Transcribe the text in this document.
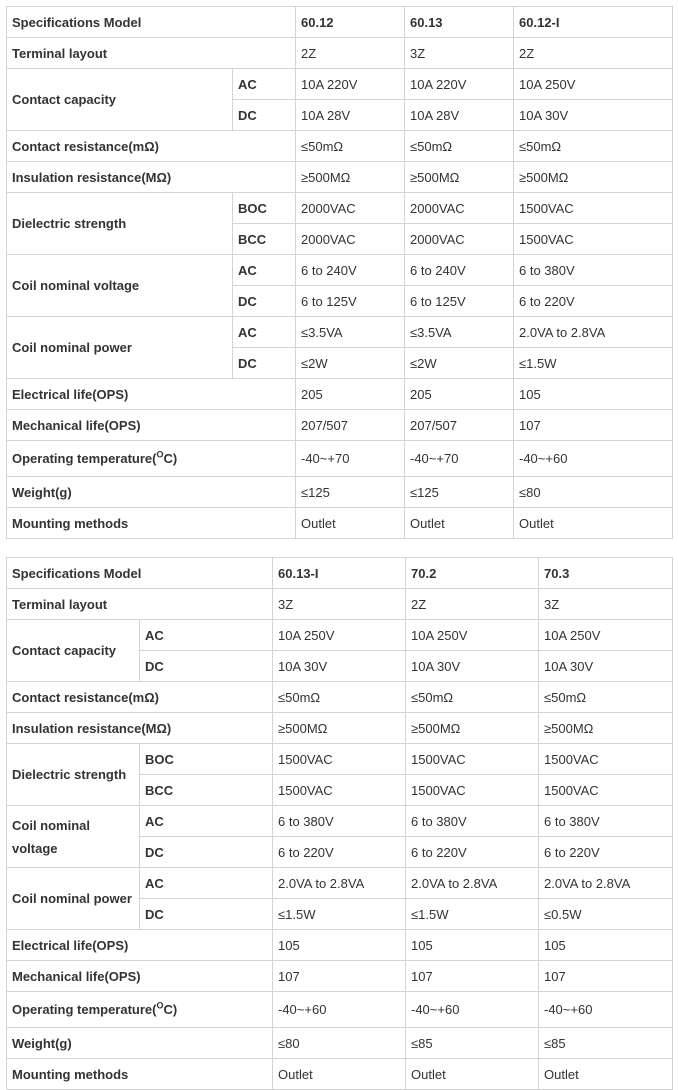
Specifications Model		60.12	60.13	60.12-I
Terminal layout		2Z	3Z	2Z
Contact capacity	AC	10A 220V	10A 220V	10A 250V
	DC	10A 28V	10A 28V	10A 30V
Contact resistance(mΩ)		≤50mΩ	≤50mΩ	≤50mΩ
Insulation resistance(MΩ)		≥500MΩ	≥500MΩ	≥500MΩ
Dielectric strength	BOC	2000VAC	2000VAC	1500VAC
	BCC	2000VAC	2000VAC	1500VAC
Coil nominal voltage	AC	6 to 240V	6 to 240V	6 to 380V
	DC	6 to 125V	6 to 125V	6 to 220V
Coil nominal power	AC	≤3.5VA	≤3.5VA	2.0VA to 2.8VA
	DC	≤2W	≤2W	≤1.5W
Electrical life(OPS)		205	205	105
Mechanical life(OPS)		207/507	207/507	107
Operating temperature($^O$C)		-40~+70	-40~+70	-40~+60
Weight(g)		≤125	≤125	≤80
Mounting methods		Outlet	Outlet	Outlet
Specifications Model		60.13-I	70.2	70.3
Terminal layout		3Z	2Z	3Z
Contact capacity	AC	10A 250V	10A 250V	10A 250V
	DC	10A 30V	10A 30V	10A 30V
Contact resistance(mΩ)		≤50mΩ	≤50mΩ	≤50mΩ
Insulation resistance(MΩ)		≥500MΩ	≥500MΩ	≥500MΩ
Dielectric strength	BOC	1500VAC	1500VAC	1500VAC
	BCC	1500VAC	1500VAC	1500VAC
Coil nominal voltage	AC	6 to 380V	6 to 380V	6 to 380V
	DC	6 to 220V	6 to 220V	6 to 220V
Coil nominal power	AC	2.0VA to 2.8VA	2.0VA to 2.8VA	2.0VA to 2.8VA
	DC	≤1.5W	≤1.5W	≤0.5W
Electrical life(OPS)		105	105	105
Mechanical life(OPS)		107	107	107
Operating temperature($^O$C)		-40~+60	-40~+60	-40~+60
Weight(g)		≤80	≤85	≤85
Mounting methods		Outlet	Outlet	Outlet
